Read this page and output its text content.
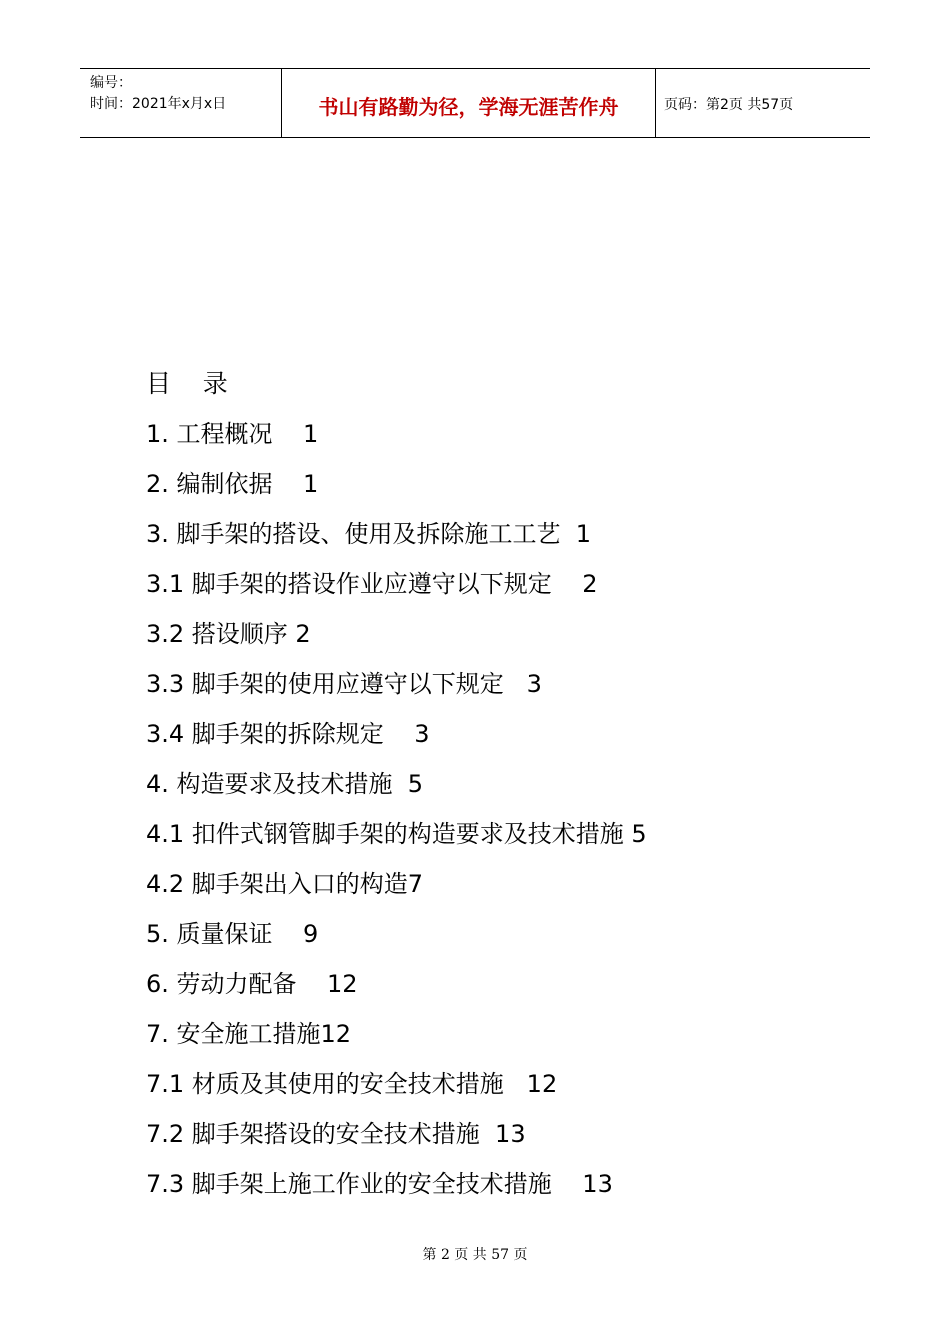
编号：
时间：2021年x月x日	书山有路勤为径，学海无涯苦作舟	页码：第2页 共57页
目    录
1. 工程概况    1
2. 编制依据    1
3. 脚手架的搭设、使用及拆除施工工艺  1
3.1 脚手架的搭设作业应遵守以下规定    2
3.2 搭设顺序 2
3.3 脚手架的使用应遵守以下规定   3
3.4 脚手架的拆除规定    3
4. 构造要求及技术措施  5
4.1 扣件式钢管脚手架的构造要求及技术措施 5
4.2 脚手架出入口的构造7
5. 质量保证    9
6. 劳动力配备    12
7. 安全施工措施12
7.1 材质及其使用的安全技术措施   12
7.2 脚手架搭设的安全技术措施  13
7.3 脚手架上施工作业的安全技术措施    13
第 2 页 共 57 页
